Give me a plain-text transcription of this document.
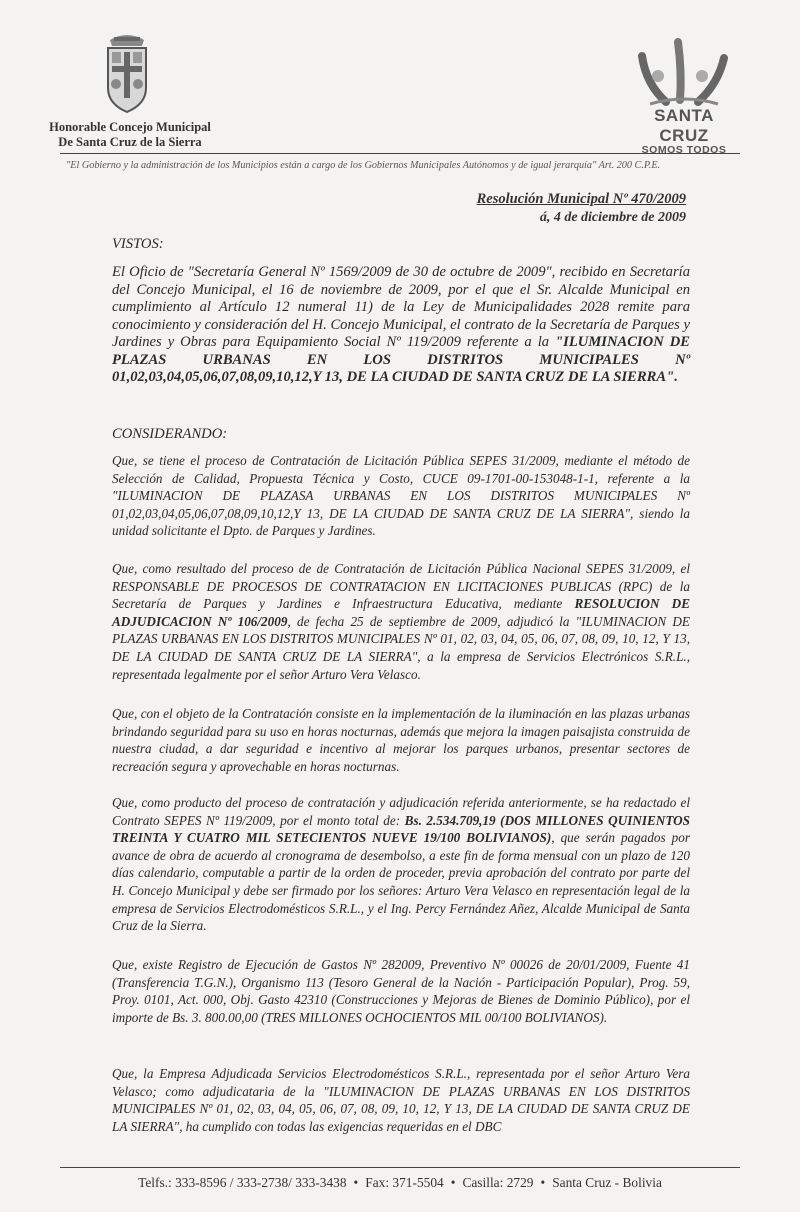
Honorable Concejo Municipal
De Santa Cruz de la Sierra
SANTA CRUZ
SOMOS TODOS
"El Gobierno y la administración de los Municipios están a cargo de los Gobiernos Municipales Autónomos y de igual jerarquía" Art. 200 C.P.E.
Resolución Municipal Nº 470/2009
á, 4 de diciembre de 2009
VISTOS:
El Oficio de "Secretaría General Nº 1569/2009 de 30 de octubre de 2009", recibido en Secretaría del Concejo Municipal, el 16 de noviembre de 2009, por el que el Sr. Alcalde Municipal en cumplimiento al Artículo 12 numeral 11) de la Ley de Municipalidades 2028 remite para conocimiento y consideración del H. Concejo Municipal, el contrato de la Secretaría de Parques y Jardines y Obras para Equipamiento Social Nº 119/2009 referente a la "ILUMINACION DE PLAZAS URBANAS EN LOS DISTRITOS MUNICIPALES Nº 01,02,03,04,05,06,07,08,09,10,12,Y 13, DE LA CIUDAD DE SANTA CRUZ DE LA SIERRA".
CONSIDERANDO:
Que, se tiene el proceso de Contratación de Licitación Pública SEPES 31/2009, mediante el método de Selección de Calidad, Propuesta Técnica y Costo, CUCE 09-1701-00-153048-1-1, referente a la "ILUMINACION DE PLAZASA URBANAS EN LOS DISTRITOS MUNICIPALES Nº 01,02,03,04,05,06,07,08,09,10,12,Y 13, DE LA CIUDAD DE SANTA CRUZ DE LA SIERRA", siendo la unidad solicitante el Dpto. de Parques y Jardines.
Que, como resultado del proceso de de Contratación de Licitación Pública Nacional SEPES 31/2009, el RESPONSABLE DE PROCESOS DE CONTRATACION EN LICITACIONES PUBLICAS (RPC) de la Secretaría de Parques y Jardines e Infraestructura Educativa, mediante RESOLUCION DE ADJUDICACION Nº 106/2009, de fecha 25 de septiembre de 2009, adjudicó la "ILUMINACION DE PLAZAS URBANAS EN LOS DISTRITOS MUNICIPALES Nº 01, 02, 03, 04, 05, 06, 07, 08, 09, 10, 12, Y 13, DE LA CIUDAD DE SANTA CRUZ DE LA SIERRA", a la empresa de Servicios Electrónicos S.R.L., representada legalmente por el señor Arturo Vera Velasco.
Que, con el objeto de la Contratación consiste en la implementación de la iluminación en las plazas urbanas brindando seguridad para su uso en horas nocturnas, además que mejora la imagen paisajista construida de nuestra ciudad, a dar seguridad e incentivo al mejorar los parques urbanos, presentar sectores de recreación segura y aprovechable en horas nocturnas.
Que, como producto del proceso de contratación y adjudicación referida anteriormente, se ha redactado el Contrato SEPES Nº 119/2009, por el monto total de: Bs. 2.534.709,19 (DOS MILLONES QUINIENTOS TREINTA Y CUATRO MIL SETECIENTOS NUEVE 19/100 BOLIVIANOS), que serán pagados por avance de obra de acuerdo al cronograma de desembolso, a este fin de forma mensual con un plazo de 120 días calendario, computable a partir de la orden de proceder, previa aprobación del contrato por parte del H. Concejo Municipal y debe ser firmado por los señores: Arturo Vera Velasco en representación legal de la empresa de Servicios Electrodomésticos S.R.L., y el Ing. Percy Fernández Añez, Alcalde Municipal de Santa Cruz de la Sierra.
Que, existe Registro de Ejecución de Gastos Nº 282009, Preventivo Nº 00026 de 20/01/2009, Fuente 41 (Transferencia T.G.N.), Organismo 113 (Tesoro General de la Nación - Participación Popular), Prog. 59, Proy. 0101, Act. 000, Obj. Gasto 42310 (Construcciones y Mejoras de Bienes de Dominio Público), por el importe de Bs. 3. 800.00,00 (TRES MILLONES OCHOCIENTOS MIL 00/100 BOLIVIANOS).
Que, la Empresa Adjudicada Servicios Electrodomésticos S.R.L., representada por el señor Arturo Vera Velasco; como adjudicataria de la "ILUMINACION DE PLAZAS URBANAS EN LOS DISTRITOS MUNICIPALES Nº 01, 02, 03, 04, 05, 06, 07, 08, 09, 10, 12, Y 13, DE LA CIUDAD DE SANTA CRUZ DE LA SIERRA", ha cumplido con todas las exigencias requeridas en el DBC
Telfs.: 333-8596 / 333-2738/ 333-3438 • Fax: 371-5504 • Casilla: 2729 • Santa Cruz - Bolivia
